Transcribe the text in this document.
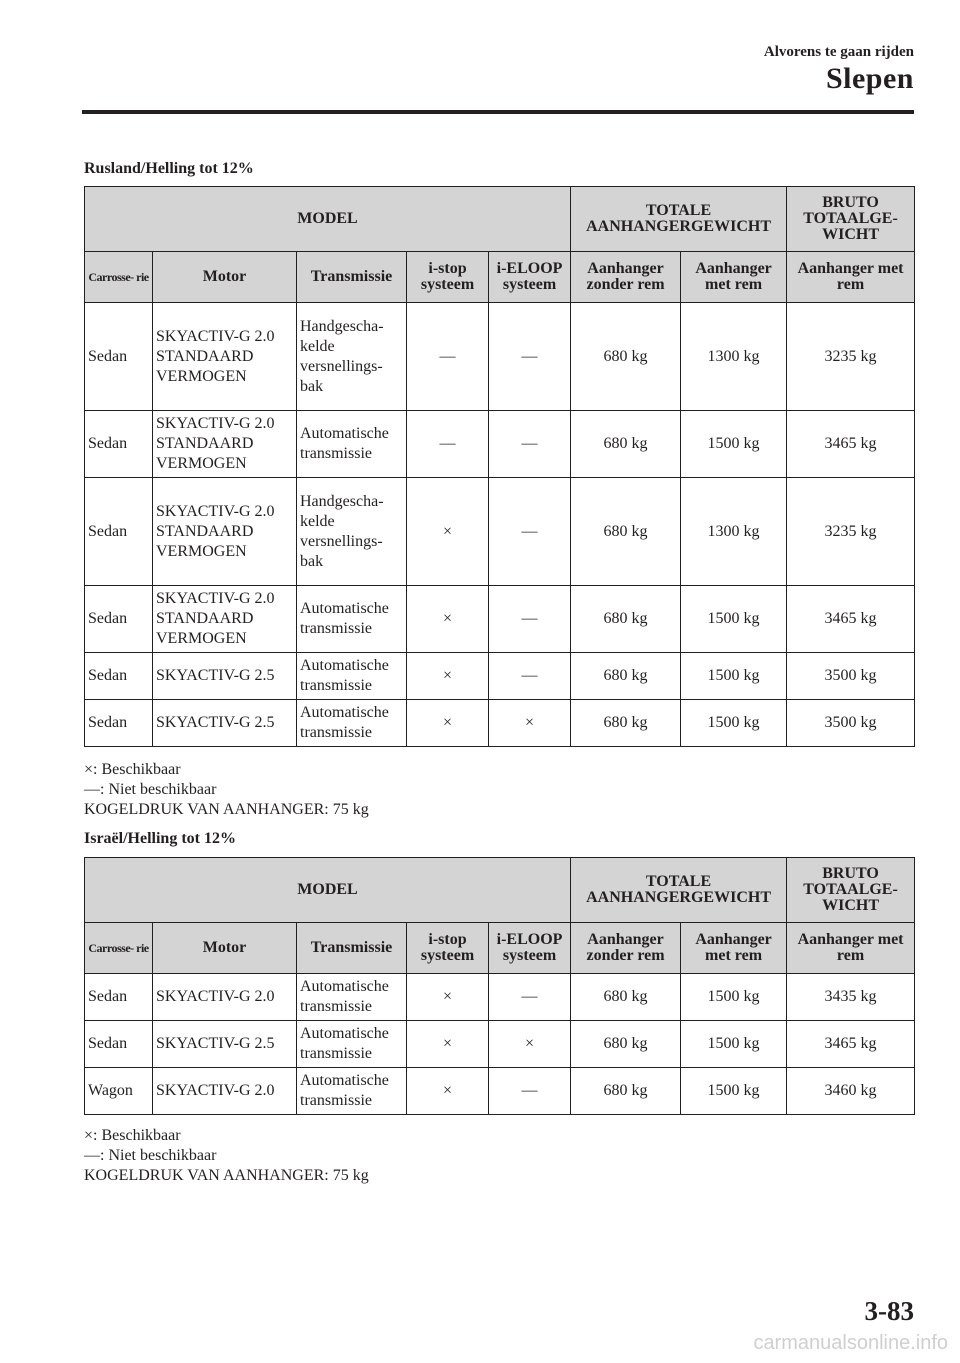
Alvorens te gaan rijden
Slepen
Rusland/Helling tot 12%
MODEL					TOTALE AANHANGERGEWICHT		BRUTO TOTAALGE- WICHT
Carrosse- rie	Motor	Transmissie	i-stop systeem	i-ELOOP systeem	Aanhanger zonder rem	Aanhanger met rem	Aanhanger met rem
Sedan	SKYACTIV-G 2.0 STANDAARD VERMOGEN	Handgescha- kelde versnellings- bak	—	—	680 kg	1300 kg	3235 kg
Sedan	SKYACTIV-G 2.0 STANDAARD VERMOGEN	Automatische transmissie	—	—	680 kg	1500 kg	3465 kg
Sedan	SKYACTIV-G 2.0 STANDAARD VERMOGEN	Handgescha- kelde versnellings- bak	×	—	680 kg	1300 kg	3235 kg
Sedan	SKYACTIV-G 2.0 STANDAARD VERMOGEN	Automatische transmissie	×	—	680 kg	1500 kg	3465 kg
Sedan	SKYACTIV-G 2.5	Automatische transmissie	×	—	680 kg	1500 kg	3500 kg
Sedan	SKYACTIV-G 2.5	Automatische transmissie	×	×	680 kg	1500 kg	3500 kg
×: Beschikbaar
—: Niet beschikbaar
KOGELDRUK VAN AANHANGER: 75 kg
Israël/Helling tot 12%
MODEL					TOTALE AANHANGERGEWICHT		BRUTO TOTAALGE- WICHT
Carrosse- rie	Motor	Transmissie	i-stop systeem	i-ELOOP systeem	Aanhanger zonder rem	Aanhanger met rem	Aanhanger met rem
Sedan	SKYACTIV-G 2.0	Automatische transmissie	×	—	680 kg	1500 kg	3435 kg
Sedan	SKYACTIV-G 2.5	Automatische transmissie	×	×	680 kg	1500 kg	3465 kg
Wagon	SKYACTIV-G 2.0	Automatische transmissie	×	—	680 kg	1500 kg	3460 kg
×: Beschikbaar
—: Niet beschikbaar
KOGELDRUK VAN AANHANGER: 75 kg
3-83
carmanualsonline.info
